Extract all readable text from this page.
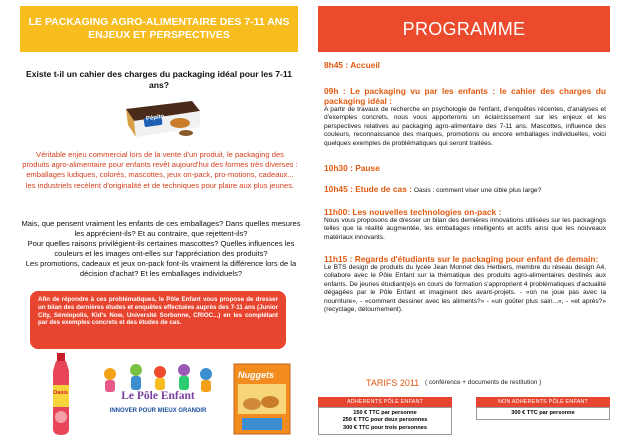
LE PACKAGING AGRO-ALIMENTAIRE DES 7-11 ANS ENJEUX ET PERSPECTIVES
Existe t-il un cahier des charges du packaging idéal pour les 7-11 ans?
Pépito
Véritable enjeu commercial lors de la vente d'un produit, le packaging des produits agro-alimentaire pour enfants revêt aujourd'hui des formes très diverses : emballages ludiques, colorés, mascottes, jeux on-pack, pro-motions, cadeaux... les industriels recèlent d'originalité et de techniques pour plaire aux plus jeunes.

Mais, que pensent vraiment les enfants de ces emballages? Dans quelles mesures les apprécient-ils? Et au contraire, que rejettent-ils?

Pour quelles raisons privilégient-ils certaines mascottes? Quelles influences les couleurs et les images ont-elles sur l'appréciation des produits?

Les promotions, cadeaux et jeux on-pack font-ils vraiment la différence lors de la décision d'achat? Et les emballages individuels?

Afin de répondre à ces problématiques, le Pôle Enfant vous propose de dresser un bilan des dernières études et enquêtes effectuées auprès des 7-11 ans (Junior City, Sémiopolis, Kid's Now, Université Sorbonne, CRIOC...) en les complétant par des exemples concrets et des études de cas.
Oasis	Le Pôle Enfant
INNOVER POUR MIEUX GRANDIR
Nuggets
PROGRAMME

8h45 : Accueil

09h : Le packaging vu par les enfants : le cahier des charges du packaging idéal :

A partir de travaux de recherche en psychologie de l'enfant, d'enquêtes récentes, d'analyses et d'exemples concrets, nous vous apporterons un éclaircissement sur les enjeux et les perspectives relatives au packaging agro-alimentaire des 7-11 ans. Mascottes, influence des couleurs, reconnaissance des marques, promotions ou encore emballages individuelles, voici quelques exemples de problématiques qui seront traitées.

10h30 : Pause

10h45 : Etude de cas : Oasis : comment viser une cible plus large?

11h00: Les nouvelles technologies on-pack :

Nous vous proposons de dresser un bilan des dernières innovations utilisées sur les packagings telles que la réalité augmentée, les emballages intelligents et actifs ainsi que les nouveaux matériaux innovants.

11h15 : Regards d'étudiants sur le packaging pour enfant de demain:

Le BTS design de produits du lycée Jean Monnet des Herbiers, membre du réseau design A4, collabore avec le Pôle Enfant sur la thématique des produits agro-alimentaires destinés aux enfants. De jeunes étudiant(e)s en cours de formation s'approprient 4 problématiques d'actualité dégagées par le Pôle Enfant et imaginent des avant-projets. - «on ne joue pas avec la nourriture», - «comment dessiner avec les aliments?» - «un goûter plus sain...», - «et après?» (recyclage, détournement).

TARIFS 2011 ( conférence + documents de restitution )
ADHERENTS PÔLE ENFANT
150 € TTC par personne
250 € TTC pour deux personnes
300 € TTC pour trois personnes
NON ADHERENTS PÔLE ENFANT
300 € TTC par personne
